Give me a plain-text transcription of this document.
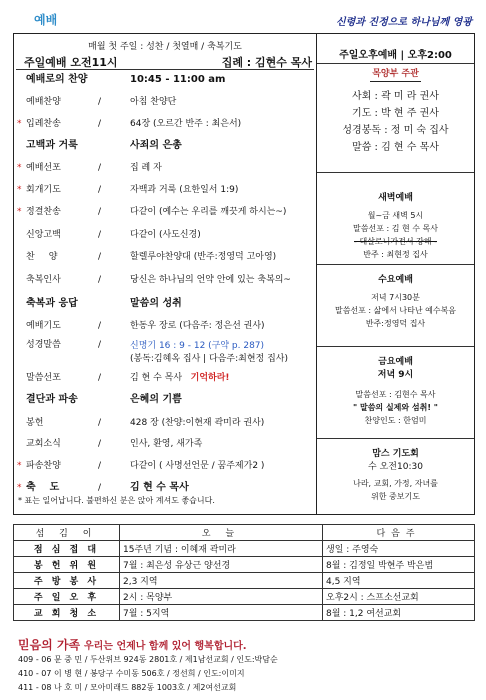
예배	신령과 진정으로 하나님께 영광
매월 첫 주일 : 성찬 / 첫열매 / 축복기도
주일예배 오전11시	집례 : 김현수 목사
예배로의 찬양	10:45 - 11:00 am
예배찬양	/	아침 찬양단
* 입례찬송	/	64장 (오르간 반주 : 최은서)
고백과 거룩	사죄의 은총
* 예배선포	/	집 례 자
* 회개기도	/	자백과 거룩 (요한일서 1:9)
* 정결찬송	/	다같이 (예수는 우리를 깨끗게 하시는~)
신앙고백	/	다같이 (사도신경)
찬양	/	할렐루야찬양대 (반주:정영덕 고아영)
축복인사	/	당신은 하나님의 언약 안에 있는 축복의~
축복과 응답	말씀의 성취
예배기도	/	한동우 장로 (다음주: 정은선 권사)
성경말씀	/	신명기 16 : 9 - 12 (구약 p. 287)
(봉독:김혜옥 집사 | 다음주:최현정 집사)
말씀선포	/	김 현 수 목사 기억하라!
결단과 파송	은혜의 기쁨
봉헌	/	428 장 (찬양:이현재 곽미라 권사)
교회소식	/	인사, 환영, 새가족
* 파송찬양	/	다같이 ( 사명선언문 / 꿈주제가2 )
* 축도	/	김 현 수 목사
* 표는 일어납니다. 불편하신 분은 앉아 계셔도 좋습니다.
주일오후예배 | 오후2:00
목양부 주관
사회 : 곽 미 라 권사
기도 : 박 현 주 권사
성경봉독 : 정 미 숙 집사
말씀 : 김 현 수 목사
새벽예배
월~금 새벽 5시
말씀선포 : 김 현 수 목사
- 대살로니가전서 강해 -
반주 : 최현정 집사
수요예배
저녁 7시30분
말씀선포 : 삶에서 나타난 예수복음
반주:정영덕 집사
금요예배
저녁 9시
말씀선포 : 김현수 목사
" 말씀의 실제와 섬취! "
찬양인도 : 한엄미
맘스 기도회
수 오전10:30
나라, 교회, 가정, 자녀를
위한 중보기도
섬 김 이	오 늘	다음주
점 심 접 대	15주년 기념 : 이혜재 곽미라	생일 : 주영숙
봉 헌 위 원	7월 : 최은성 유상근 양선경	8월 : 김정일 박현주 박은범
주 방 봉 사	2,3 지역	4,5 지역
주 일 오 후	2시 : 목양부	오후2시 : 스프소선교회
교 회 청 소	7월 : 5지역	8월 : 1,2 여선교회
믿음의 가족 우리는 언제나 함께 있어 행복합니다.
409 - 06 문 중 민 / 두산위브 924동 2801호 / 제1남선교회 / 인도:박담순
410 - 07 이 병 현 / 봉당구 수미동 506호 / 정선희 / 인도:이미지
411 - 08 나 호 미 / 모아미래드 882동 1003호 / 제2여선교회
